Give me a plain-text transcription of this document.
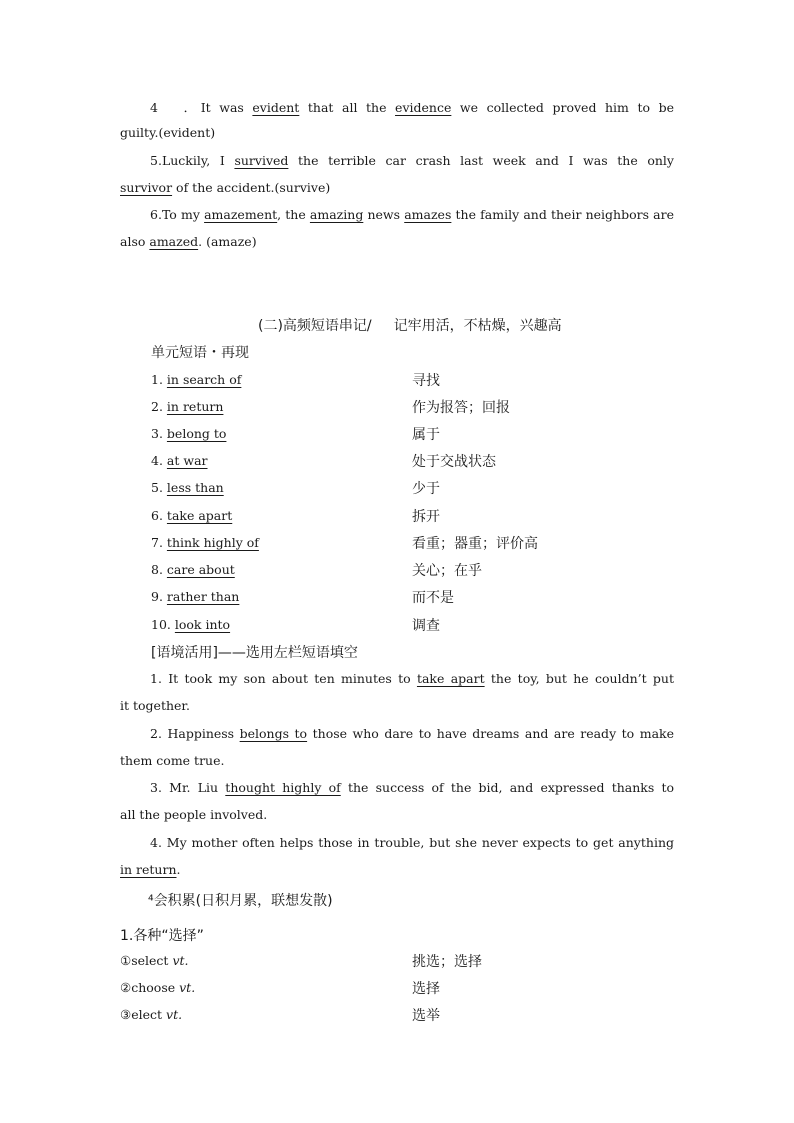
4 ．It was evident that all the evidence we collected proved him to be
guilty.(evident)
5.Luckily, I survived the terrible car crash last week and I was the only
survivor of the accident.(survive)
6.To my amazement, the amazing news amazes the family and their neighbors are
also amazed. (amaze)
(二)高频短语串记/ 记牢用活，不枯燥，兴趣高
单元短语・再现
1. in search of	寻找
2. in return	作为报答；回报
3. belong to	属于
4. at war	处于交战状态
5. less than	少于
6. take apart	拆开
7. think highly of	看重；器重；评价高
8. care about	关心；在乎
9. rather than	而不是
10. look into	调查
[语境活用]——选用左栏短语填空
1. It took my son about ten minutes to take apart the toy, but he couldn’t put
it together.
2. Happiness belongs to those who dare to have dreams and are ready to make
them come true.
3. Mr. Liu thought highly of the success of the bid, and expressed thanks to
all the people involved.
4. My mother often helps those in trouble, but she never expects to get anything
in return.
⁴会积累(日积月累，联想发散)
1.各种“选择”
①select vt.	挑选；选择
②choose vt.	选择
③elect vt.	选举
